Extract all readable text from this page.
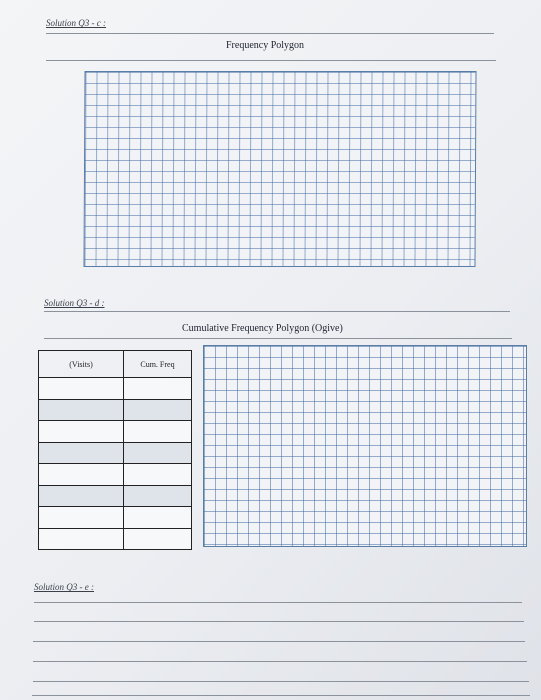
Solution Q3 - c :
Frequency Polygon
Solution Q3 - d :
Cumulative Frequency Polygon (Ogive)
(Visits)	Cum. Freq

Solution Q3 - e :
